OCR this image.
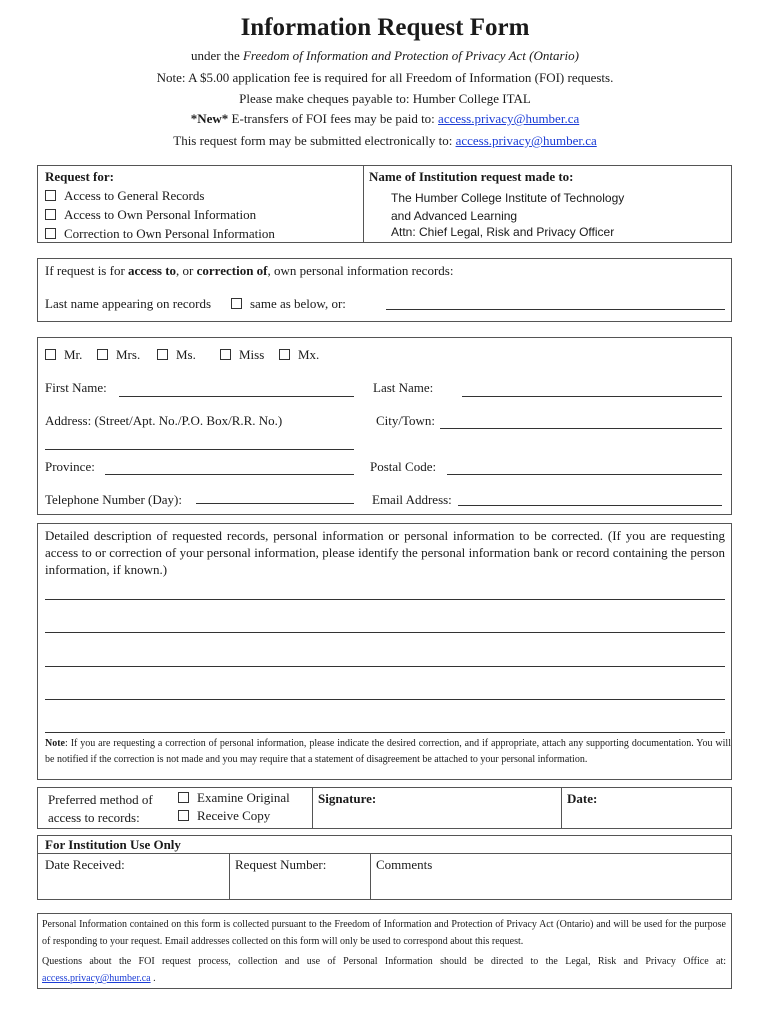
Information Request Form
under the Freedom of Information and Protection of Privacy Act (Ontario)
Note: A $5.00 application fee is required for all Freedom of Information (FOI) requests.
Please make cheques payable to: Humber College ITAL
*New* E-transfers of FOI fees may be paid to: access.privacy@humber.ca
This request form may be submitted electronically to: access.privacy@humber.ca
Request for:
Access to General Records
Access to Own Personal Information
Correction to Own Personal Information
Name of Institution request made to:
The Humber College Institute of Technology
and Advanced Learning
Attn: Chief Legal, Risk and Privacy Officer
If request is for access to, or correction of, own personal information records:
Last name appearing on records	same as below, or:
Mr.	Mrs.	Ms.	Miss	Mx.
First Name:	Last Name:
Address: (Street/Apt. No./P.O. Box/R.R. No.)	City/Town:
Province:	Postal Code:
Telephone Number (Day):	Email Address:
Detailed description of requested records, personal information or personal information to be corrected. (If you are requesting access to or correction of your personal information, please identify the personal information bank or record containing the person information, if known.)
Note: If you are requesting a correction of personal information, please indicate the desired correction, and if appropriate, attach any supporting documentation. You will be notified if the correction is not made and you may require that a statement of disagreement be attached to your personal information.
Preferred method of
access to records:
Examine Original
Receive Copy
Signature:	Date:
For Institution Use Only
Date Received:	Request Number:	Comments
Personal Information contained on this form is collected pursuant to the Freedom of Information and Protection of Privacy Act (Ontario) and will be used for the purpose of responding to your request. Email addresses collected on this form will only be used to correspond about this request.
Questions about the FOI request process, collection and use of Personal Information should be directed to the Legal, Risk and Privacy Office at: access.privacy@humber.ca .
